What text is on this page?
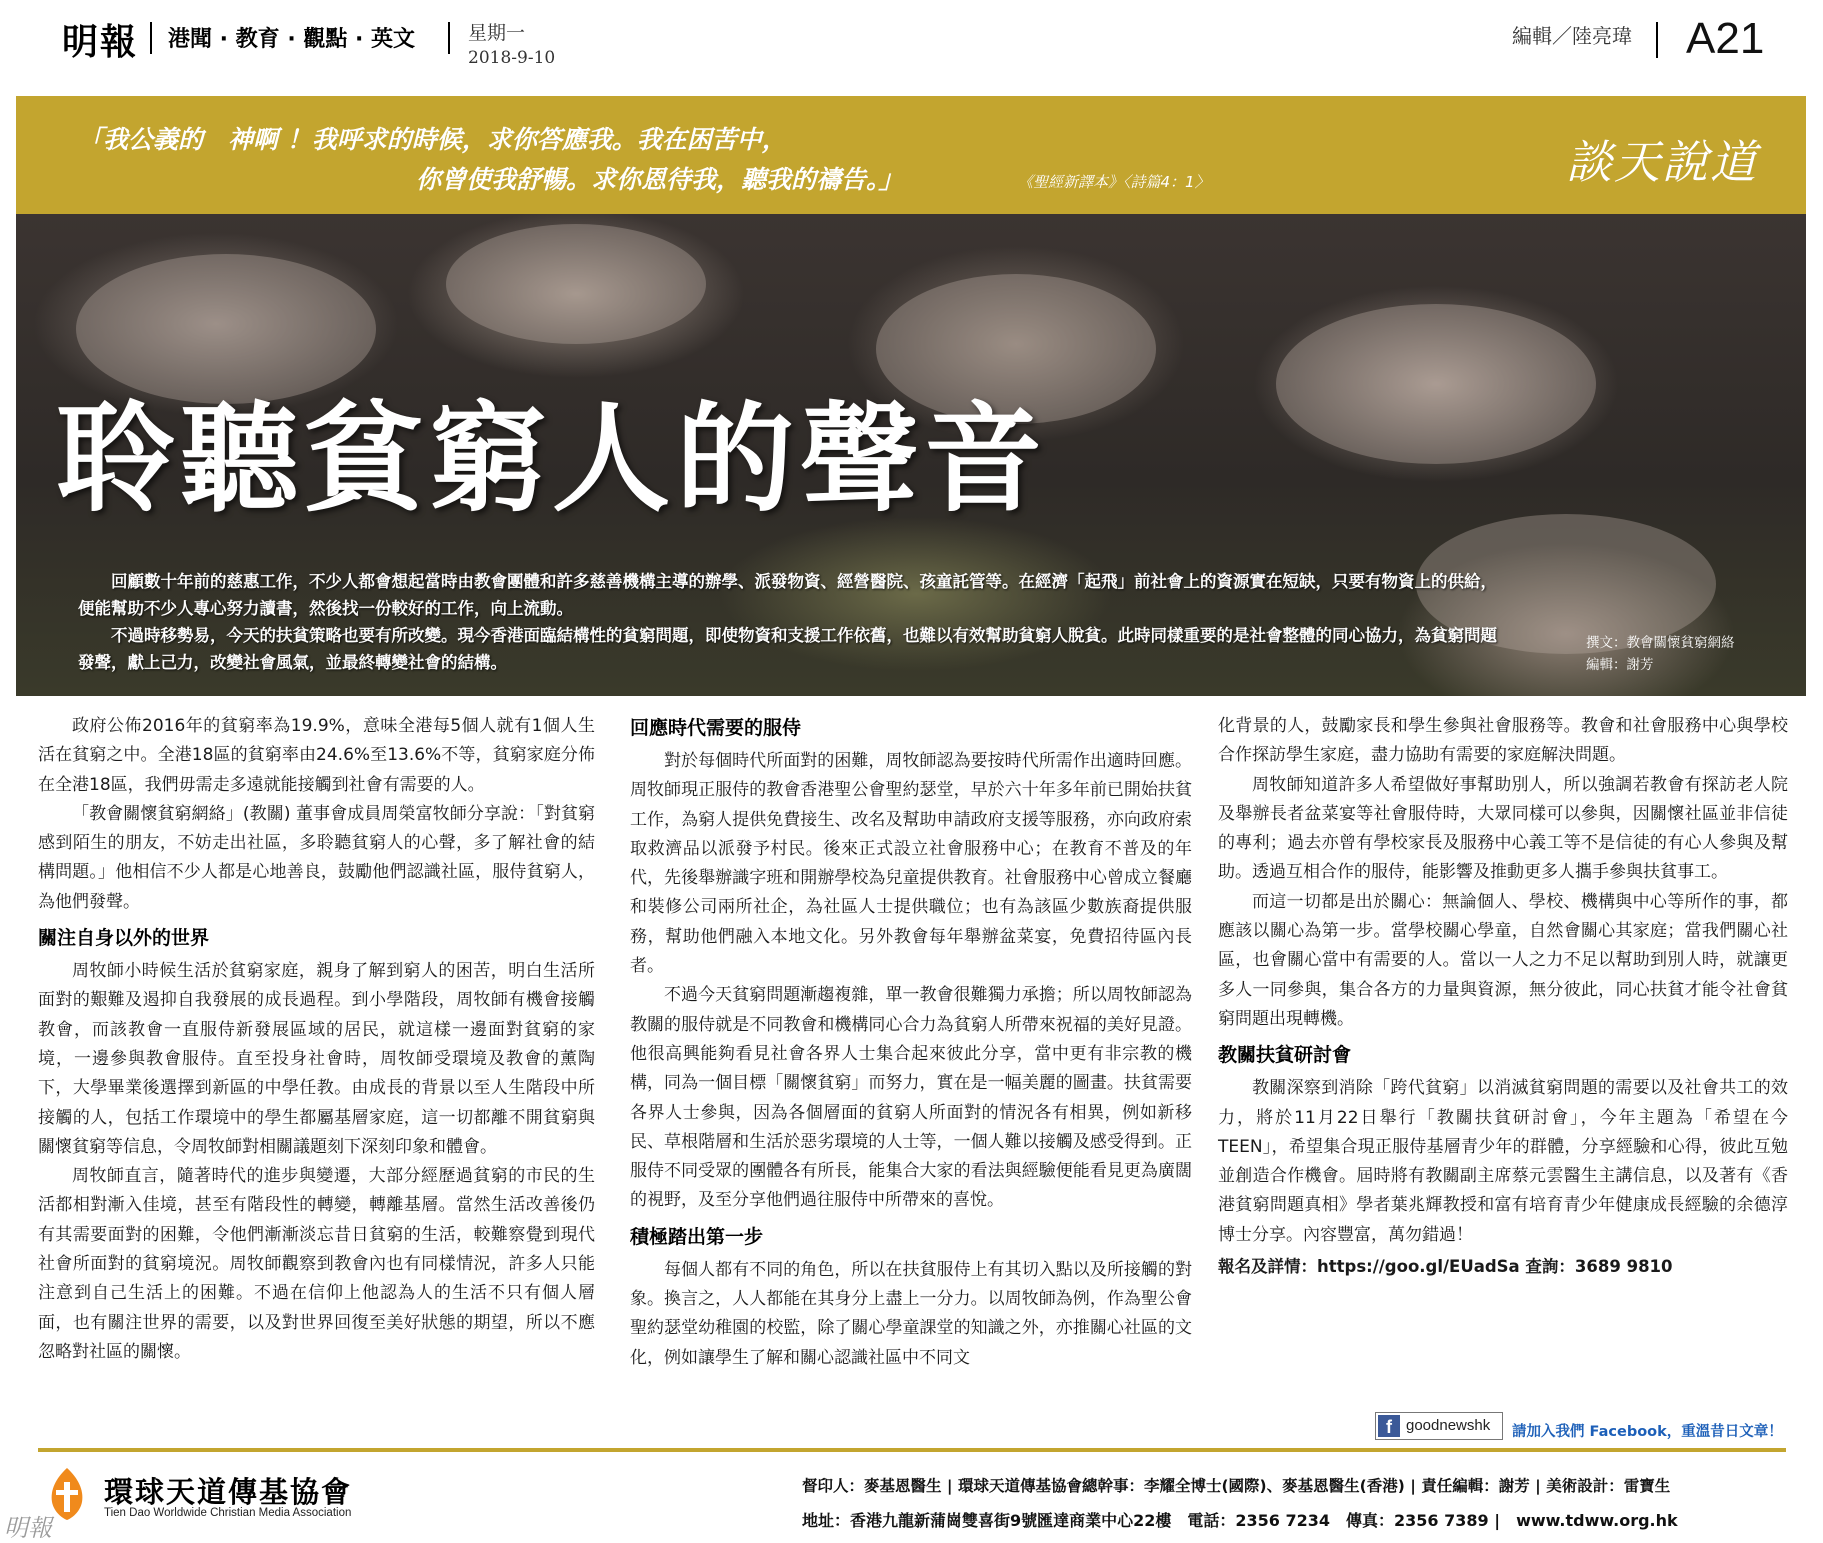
明報 港聞 · 教育 · 觀點 · 英文	星期一
2018-9-10
編輯／陸亮瑋 A21
「我公義的　神啊 ！我呼求的時候，求你答應我。我在困苦中，
你曾使我舒暢。求你恩待我，聽我的禱告。」	《聖經新譯本》〈詩篇4：1〉	談天說道
聆聽貧窮人的聲音
回顧數十年前的慈惠工作，不少人都會想起當時由教會團體和許多慈善機構主導的辦學、派發物資、經營醫院、孩童託管等。在經濟「起飛」前社會上的資源實在短缺，只要有物資上的供給，便能幫助不少人專心努力讀書，然後找一份較好的工作，向上流動。
不過時移勢易，今天的扶貧策略也要有所改變。現今香港面臨結構性的貧窮問題，即使物資和支援工作依舊，也難以有效幫助貧窮人脫貧。此時同樣重要的是社會整體的同心協力，為貧窮問題發聲，獻上己力，改變社會風氣，並最終轉變社會的結構。
撰文：教會關懷貧窮網絡
編輯：謝芳

政府公佈2016年的貧窮率為19.9%，意味全港每5個人就有1個人生活在貧窮之中。全港18區的貧窮率由24.6%至13.6%不等，貧窮家庭分佈在全港18區，我們毋需走多遠就能接觸到社會有需要的人。

「教會關懷貧窮網絡」(教關) 董事會成員周榮富牧師分享說：「對貧窮感到陌生的朋友，不妨走出社區，多聆聽貧窮人的心聲，多了解社會的結構問題。」他相信不少人都是心地善良，鼓勵他們認識社區，服侍貧窮人，為他們發聲。

關注自身以外的世界

周牧師小時候生活於貧窮家庭，親身了解到窮人的困苦，明白生活所面對的艱難及遏抑自我發展的成長過程。到小學階段，周牧師有機會接觸教會，而該教會一直服侍新發展區域的居民，就這樣一邊面對貧窮的家境，一邊參與教會服侍。直至投身社會時，周牧師受環境及教會的薰陶下，大學畢業後選擇到新區的中學任教。由成長的背景以至人生階段中所接觸的人，包括工作環境中的學生都屬基層家庭，這一切都離不開貧窮與關懷貧窮等信息，令周牧師對相關議題刻下深刻印象和體會。

周牧師直言，隨著時代的進步與變遷，大部分經歷過貧窮的市民的生活都相對漸入佳境，甚至有階段性的轉變，轉離基層。當然生活改善後仍有其需要面對的困難，令他們漸漸淡忘昔日貧窮的生活，較難察覺到現代社會所面對的貧窮境況。周牧師觀察到教會內也有同樣情況，許多人只能注意到自己生活上的困難。不過在信仰上他認為人的生活不只有個人層面，也有關注世界的需要，以及對世界回復至美好狀態的期望，所以不應忽略對社區的關懷。

回應時代需要的服侍

對於每個時代所面對的困難，周牧師認為要按時代所需作出適時回應。周牧師現正服侍的教會香港聖公會聖約瑟堂，早於六十年多年前已開始扶貧工作，為窮人提供免費接生、改名及幫助申請政府支援等服務，亦向政府索取救濟品以派發予村民。後來正式設立社會服務中心；在教育不普及的年代，先後舉辦識字班和開辦學校為兒童提供教育。社會服務中心曾成立餐廳和裝修公司兩所社企，為社區人士提供職位；也有為該區少數族裔提供服務，幫助他們融入本地文化。另外教會每年舉辦盆菜宴，免費招待區內長者。

不過今天貧窮問題漸趨複雜，單一教會很難獨力承擔；所以周牧師認為教關的服侍就是不同教會和機構同心合力為貧窮人所帶來祝福的美好見證。他很高興能夠看見社會各界人士集合起來彼此分享，當中更有非宗教的機構，同為一個目標「關懷貧窮」而努力，實在是一幅美麗的圖畫。扶貧需要各界人士參與，因為各個層面的貧窮人所面對的情況各有相異，例如新移民、草根階層和生活於惡劣環境的人士等，一個人難以接觸及感受得到。正服侍不同受眾的團體各有所長，能集合大家的看法與經驗便能看見更為廣闊的視野，及至分享他們過往服侍中所帶來的喜悅。

積極踏出第一步

每個人都有不同的角色，所以在扶貧服侍上有其切入點以及所接觸的對象。換言之，人人都能在其身分上盡上一分力。以周牧師為例，作為聖公會聖約瑟堂幼稚園的校監，除了關心學童課堂的知識之外，亦推關心社區的文化，例如讓學生了解和關心認識社區中不同文

化背景的人，鼓勵家長和學生參與社會服務等。教會和社會服務中心與學校合作探訪學生家庭，盡力協助有需要的家庭解決問題。

周牧師知道許多人希望做好事幫助別人，所以強調若教會有探訪老人院及舉辦長者盆菜宴等社會服侍時，大眾同樣可以參與，因關懷社區並非信徒的專利；過去亦曾有學校家長及服務中心義工等不是信徒的有心人參與及幫助。透過互相合作的服侍，能影響及推動更多人攜手參與扶貧事工。

而這一切都是出於關心：無論個人、學校、機構與中心等所作的事，都應該以關心為第一步。當學校關心學童，自然會關心其家庭；當我們關心社區，也會關心當中有需要的人。當以一人之力不足以幫助到別人時，就讓更多人一同參與，集合各方的力量與資源，無分彼此，同心扶貧才能令社會貧窮問題出現轉機。

教關扶貧研討會

教關深察到消除「跨代貧窮」以消滅貧窮問題的需要以及社會共工的效力，將於11月22日舉行「教關扶貧研討會」，今年主題為「希望在今TEEN」，希望集合現正服侍基層青少年的群體，分享經驗和心得，彼此互勉並創造合作機會。屆時將有教關副主席蔡元雲醫生主講信息，以及著有《香港貧窮問題真相》學者葉兆輝教授和富有培育青少年健康成長經驗的余德淳博士分享。內容豐富，萬勿錯過！

報名及詳情：https://goo.gl/EUadSa 查詢：3689 9810

f goodnewshk 請加入我們 Facebook，重溫昔日文章！
環球天道傳基協會
Tien Dao Worldwide Christian Media Association
督印人：麥基恩醫生 | 環球天道傳基協會總幹事：李耀全博士(國際)、麥基恩醫生(香港) | 責任編輯：謝芳 | 美術設計：雷寶生
地址：香港九龍新蒲崗雙喜街9號匯達商業中心22樓　電話：2356 7234　傳真：2356 7389 |　www.tdww.org.hk
明報
